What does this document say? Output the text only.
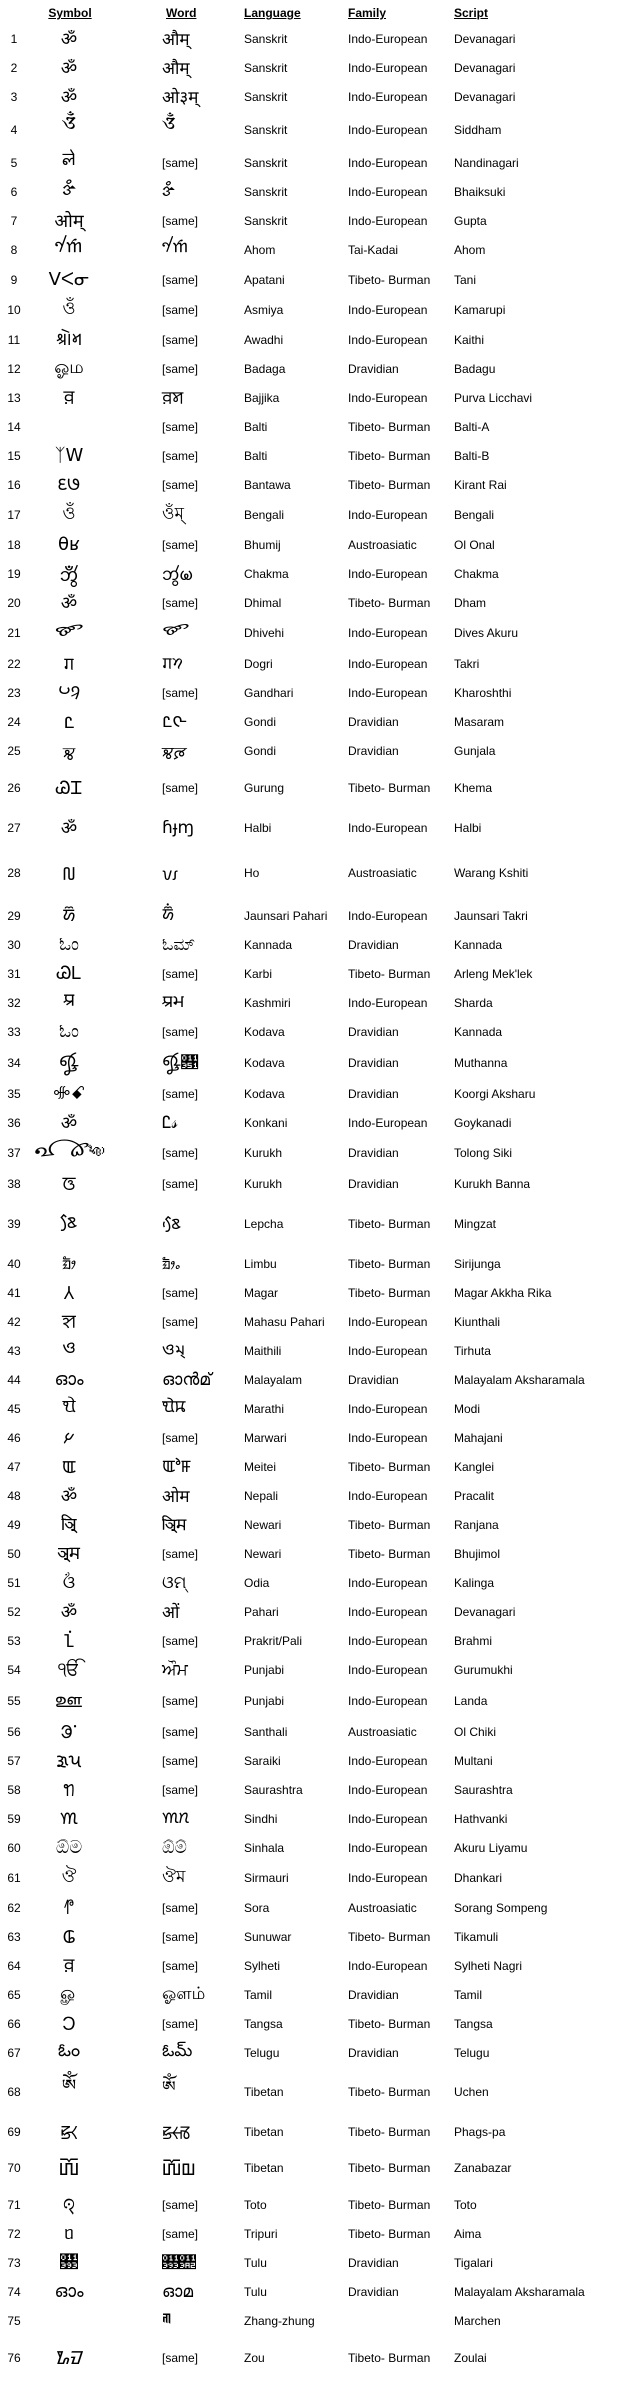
	Symbol	Word	Language	Family	Script
1	ॐ	औम्	Sanskrit	Indo-European	Devanagari
2	ॐ	औम्	Sanskrit	Indo-European	Devanagari
3	ॐ	ओ३म्	Sanskrit	Indo-European	Devanagari
4	𑖌𑖼	𑖌𑖼	Sanskrit	Indo-European	Siddham
5	𑧏𑧚	[same]	Sanskrit	Indo-European	Nandinagari
6	𑰌𑰽	𑰌𑰽	Sanskrit	Indo-European	Bhaiksuki
7	ओम्	[same]	Sanskrit	Indo-European	Gupta
8	𑜒𑜦	𑜒𑜦	Ahom	Tai-Kadai	Ahom
9	ᐯᐸᓂ	[same]	Apatani	Tibeto- Burman	Tani
10	ওঁ	[same]	Asmiya	Indo-European	Kamarupi
11	𑂋𑂧	[same]	Awadhi	Indo-European	Kaithi
12	ஓம	[same]	Badaga	Dravidian	Badagu
13	ꠅ	ꠅꠝ	Bajjika	Indo-European	Purva Licchavi
14		[same]	Balti	Tibeto- Burman	Balti-A
15	ᛉW	[same]	Balti	Tibeto- Burman	Balti-B
16	𑋶𑋷	[same]	Bantawa	Tibeto- Burman	Kirant Rai
17	ওঁ	ওঁম্	Bengali	Indo-European	Bengali
18	θʁ	[same]	Bhumij	Austroasiatic	Ol Onal
19	𑄃𑄮𑄀	𑄃𑄮𑄟	Chakma	Indo-European	Chakma
20	ॐ	[same]	Dhimal	Tibeto- Burman	Dham
21	𑤌𑤽	𑤌𑤽	Dhivehi	Indo-European	Dives Akuru
22	𑠌	𑠌𑠢	Dogri	Indo-European	Takri
23	𐨀𐨆𐨨	[same]	Gandhari	Indo-European	Kharoshthi
24	𑴂	𑴂𑴥	Gondi	Dravidian	Masaram
25	𑵻	𑵻𑶈	Gondi	Dravidian	Gunjala
26	ᏊᏆ	[same]	Gurung	Tibeto- Burman	Khema
27	ॐ	ɦɟɱ	Halbi	Indo-European	Halbi
28	𑢰	𑣀𑣁	Ho	Austroasiatic	Warang Kshiti
29	𑚈	𑚈𑚫	Jaunsari Pahari	Indo-European	Jaunsari Takri
30	ಓಂ	ಓಮ್	Kannada	Dravidian	Kannada
31	ᏊᏞ	[same]	Karbi	Tibeto- Burman	Arleng Mek'lek
32	𑆃	𑆃𑆩	Kashmiri	Indo-European	Sharda
33	ಓಂ	[same]	Kodava	Dravidian	Kannada
34	𑍐	𑍐𑍑	Kodava	Dravidian	Muthanna
35	ꗂꗃ	[same]	Kodava	Dravidian	Koorgi Aksharu
36	ॐ	Ꮭ𝓈	Konkani	Indo-European	Goykanadi
37	𑤀𑤁	[same]	Kurukh	Dravidian	Tolong Siki
38	ꠃ	[same]	Kurukh	Dravidian	Kurukh Banna
39	ᰣᰧ	ᰣᰧᰵ	Lepcha	Tibeto- Burman	Mingzat
40	ᤀᤥ	ᤀᤥᤱ	Limbu	Tibeto- Burman	Sirijunga
41	𑾰	[same]	Magar	Tibeto- Burman	Magar Akkha Rika
42	ꠡ	[same]	Mahasu Pahari	Indo-European	Kiunthali
43	𑒍	𑒍𑒧𑓂	Maithili	Indo-European	Tirhuta
44	ഓം	ഓൻമ്	Malayalam	Dravidian	Malayalam Aksharamala
45	𑘌	𑘌𑘦	Marathi	Indo-European	Modi
46	𑅓	[same]	Marwari	Indo-European	Mahajani
47	ꯑ	ꯑꯣꯝ	Meitei	Tibeto- Burman	Kanglei
48	ॐ	ओम	Nepali	Indo-European	Pracalit
49	𑐀𑐶	𑐀𑐶𑐩	Newari	Tibeto- Burman	Ranjana
50	𑐀𑐩	[same]	Newari	Tibeto- Burman	Bhujimol
51	ଓଁ	ଓମ୍	Odia	Indo-European	Kalinga
52	ॐ	ओं	Pahari	Indo-European	Devanagari
53	𑀑𑀁	[same]	Prakrit/Pali	Indo-European	Brahmi
54	ੴ	ਔਮ	Punjabi	Indo-European	Gurumukhi
55	𑌊	[same]	Punjabi	Indo-European	Landa
56	ᱳᱸ	[same]	Santhali	Austroasiatic	Ol Chiki
57	𑊏𑊜	[same]	Saraiki	Indo-European	Multani
58	ꢒ	[same]	Saurashtra	Indo-European	Saurashtra
59	𑊰	𑊰𑋗	Sindhi	Indo-European	Hathvanki
60	ඕම	ඕම්	Sinhala	Indo-European	Akuru Liyamu
61	ঔ	ঔম	Sirmauri	Indo-European	Dhankari
62	𑃐	[same]	Sora	Austroasiatic	Sorang Sompeng
63	𑫀	[same]	Sunuwar	Tibeto- Burman	Tikamuli
64	ꠅ	[same]	Sylheti	Indo-European	Sylheti Nagri
65	ௐ	ஓளம்	Tamil	Dravidian	Tamil
66	𖩀	[same]	Tangsa	Tibeto- Burman	Tangsa
67	ఓం	ఓమ్	Telugu	Dravidian	Telugu
68	ༀ	ཨོཾ	Tibetan	Tibeto- Burman	Uchen
69	ꡝꡡ	ꡝꡡꡏ	Tibetan	Tibeto- Burman	Phags-pa
70	𑨀𑨆	𑨀𑨆𑨢	Tibetan	Tibeto- Burman	Zanabazar
71	𞊐	[same]	Toto	Tibeto- Burman	Toto
72	ᥝ	[same]	Tripuri	Tibeto- Burman	Aima
73	𑎓	𑎓𑎢	Tulu	Dravidian	Tigalari
74	ഓം	ഓമ	Tulu	Dravidian	Malayalam Aksharamala
75		𑱲	Zhang-zhung		Marchen
76	ᮇᮙ	[same]	Zou	Tibeto- Burman	Zoulai
